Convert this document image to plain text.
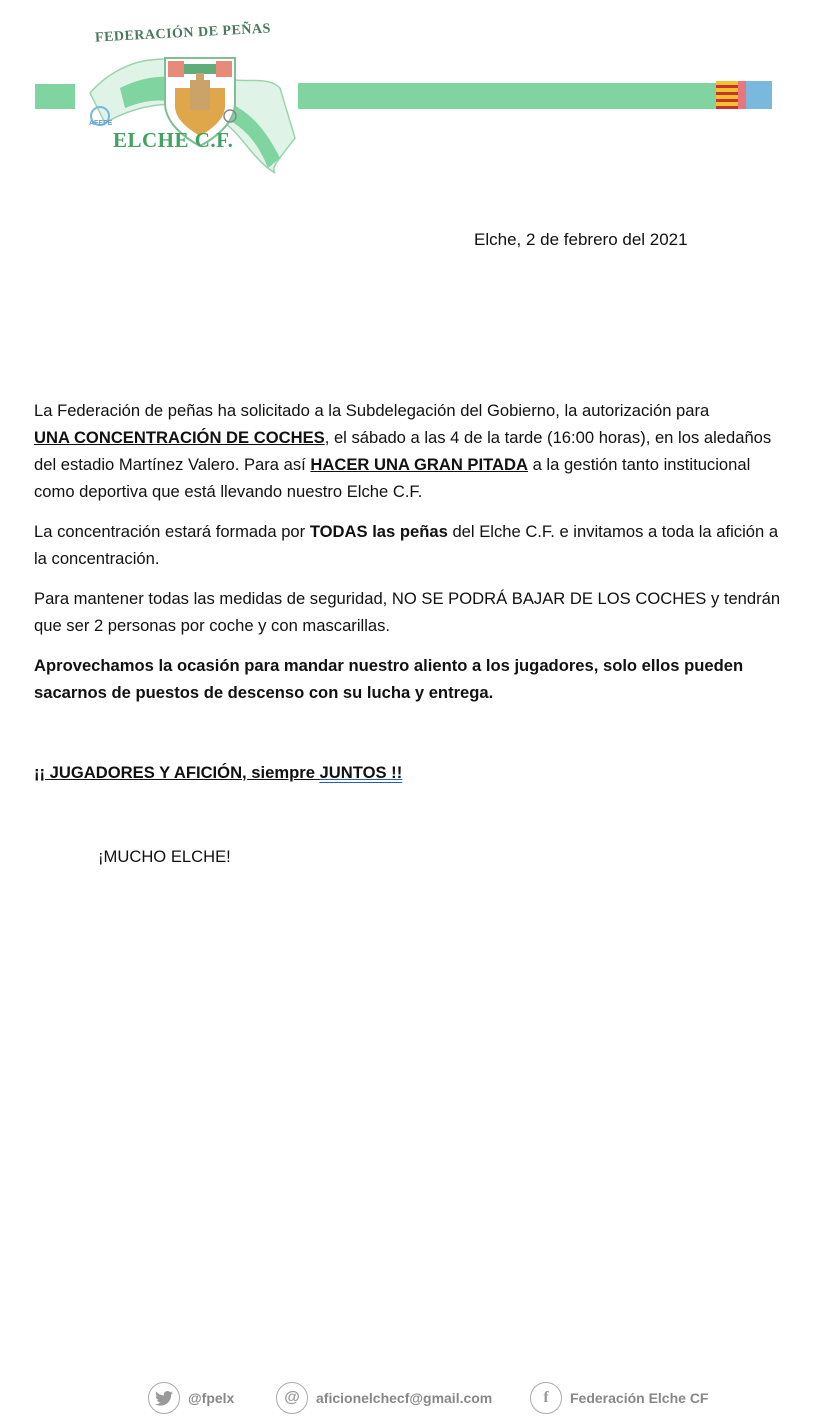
FEDERACIÓN DE PEÑAS
AFEPE
ELCHE C.F.
Elche, 2 de febrero del 2021

La Federación de peñas ha solicitado a la Subdelegación del Gobierno, la autorización para
UNA CONCENTRACIÓN DE COCHES, el sábado a las 4 de la tarde (16:00 horas), en los aledaños del estadio Martínez Valero. Para así HACER UNA GRAN PITADA a la gestión tanto institucional como deportiva que está llevando nuestro Elche C.F.

La concentración estará formada por TODAS las peñas del Elche C.F. e invitamos a toda la afición a la concentración.

Para mantener todas las medidas de seguridad, NO SE PODRÁ BAJAR DE LOS COCHES y tendrán que ser 2 personas por coche y con mascarillas.

Aprovechamos la ocasión para mandar nuestro aliento a los jugadores, solo ellos pueden sacarnos de puestos de descenso con su lucha y entrega.

¡¡ JUGADORES Y AFICIÓN, siempre JUNTOS !!
¡MUCHO ELCHE!
@fpelx	@	aficionelchecf@gmail.com	f	Federación Elche CF
